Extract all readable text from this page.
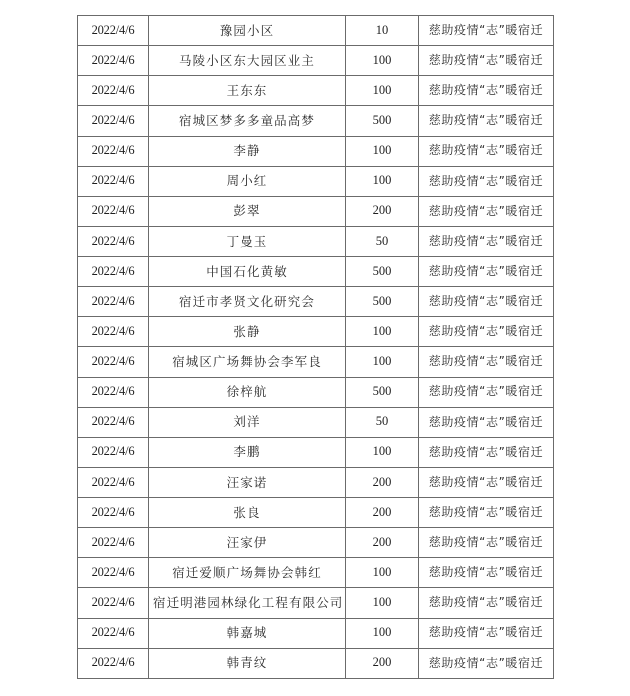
2022/4/6	豫园小区	10	慈助疫情“志”暖宿迁
2022/4/6	马陵小区东大园区业主	100	慈助疫情“志”暖宿迁
2022/4/6	王东东	100	慈助疫情“志”暖宿迁
2022/4/6	宿城区梦多多童品高梦	500	慈助疫情“志”暖宿迁
2022/4/6	李静	100	慈助疫情“志”暖宿迁
2022/4/6	周小红	100	慈助疫情“志”暖宿迁
2022/4/6	彭翠	200	慈助疫情“志”暖宿迁
2022/4/6	丁曼玉	50	慈助疫情“志”暖宿迁
2022/4/6	中国石化黄敏	500	慈助疫情“志”暖宿迁
2022/4/6	宿迁市孝贤文化研究会	500	慈助疫情“志”暖宿迁
2022/4/6	张静	100	慈助疫情“志”暖宿迁
2022/4/6	宿城区广场舞协会李军良	100	慈助疫情“志”暖宿迁
2022/4/6	徐梓航	500	慈助疫情“志”暖宿迁
2022/4/6	刘洋	50	慈助疫情“志”暖宿迁
2022/4/6	李鹏	100	慈助疫情“志”暖宿迁
2022/4/6	汪家诺	200	慈助疫情“志”暖宿迁
2022/4/6	张良	200	慈助疫情“志”暖宿迁
2022/4/6	汪家伊	200	慈助疫情“志”暖宿迁
2022/4/6	宿迁爱顺广场舞协会韩红	100	慈助疫情“志”暖宿迁
2022/4/6	宿迁明港园林绿化工程有限公司	100	慈助疫情“志”暖宿迁
2022/4/6	韩嘉城	100	慈助疫情“志”暖宿迁
2022/4/6	韩青纹	200	慈助疫情“志”暖宿迁
